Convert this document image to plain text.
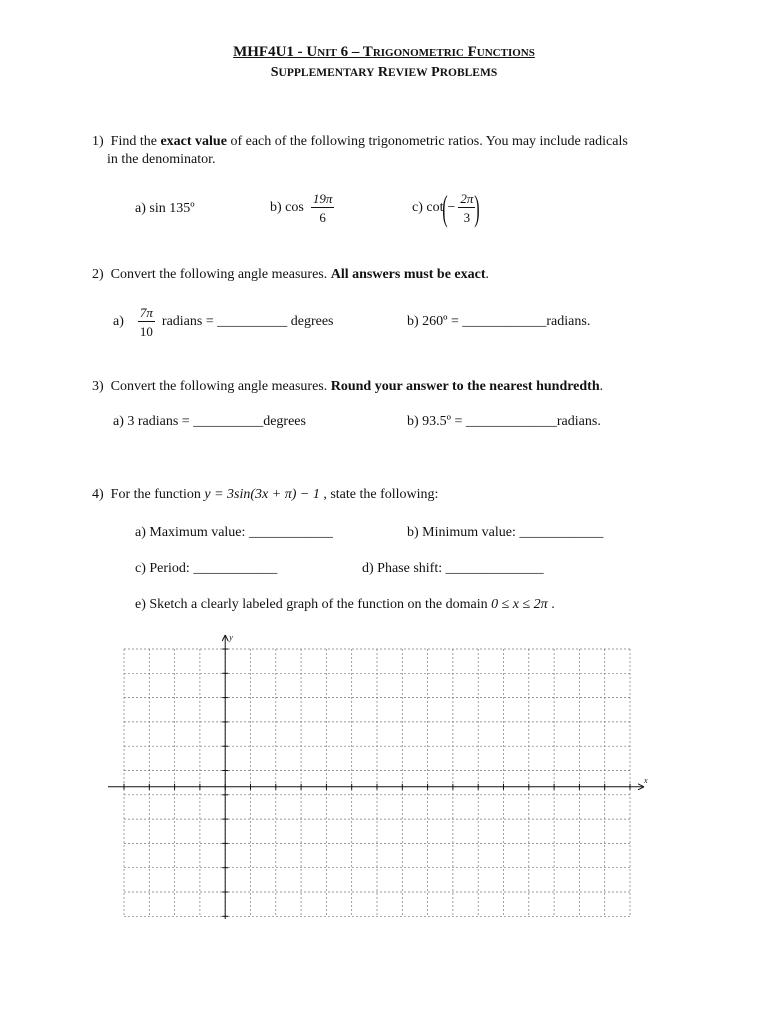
MHF4U1 - UNIT 6 – TRIGONOMETRIC FUNCTIONS
SUPPLEMENTARY REVIEW PROBLEMS
1) Find the exact value of each of the following trigonometric ratios. You may include radicals
in the denominator.
a) sin 135º	b) cos
$\frac{19\pi}{6}$	c) cot ( − $\frac{2\pi}{3}$ )
2) Convert the following angle measures. All answers must be exact.
a)
$\frac{7\pi}{10}$
radians = __________ degrees	b) 260º = ____________radians.
3) Convert the following angle measures. Round your answer to the nearest hundredth.
a) 3 radians = __________degrees	b) 93.5º = _____________radians.
4) For the function y = 3sin(3x + π) − 1 , state the following:
a) Maximum value: ____________	b) Minimum value: ____________
c) Period: ____________	d) Phase shift: ______________
e) Sketch a clearly labeled graph of the function on the domain 0 ≤ x ≤ 2π .
y
x
